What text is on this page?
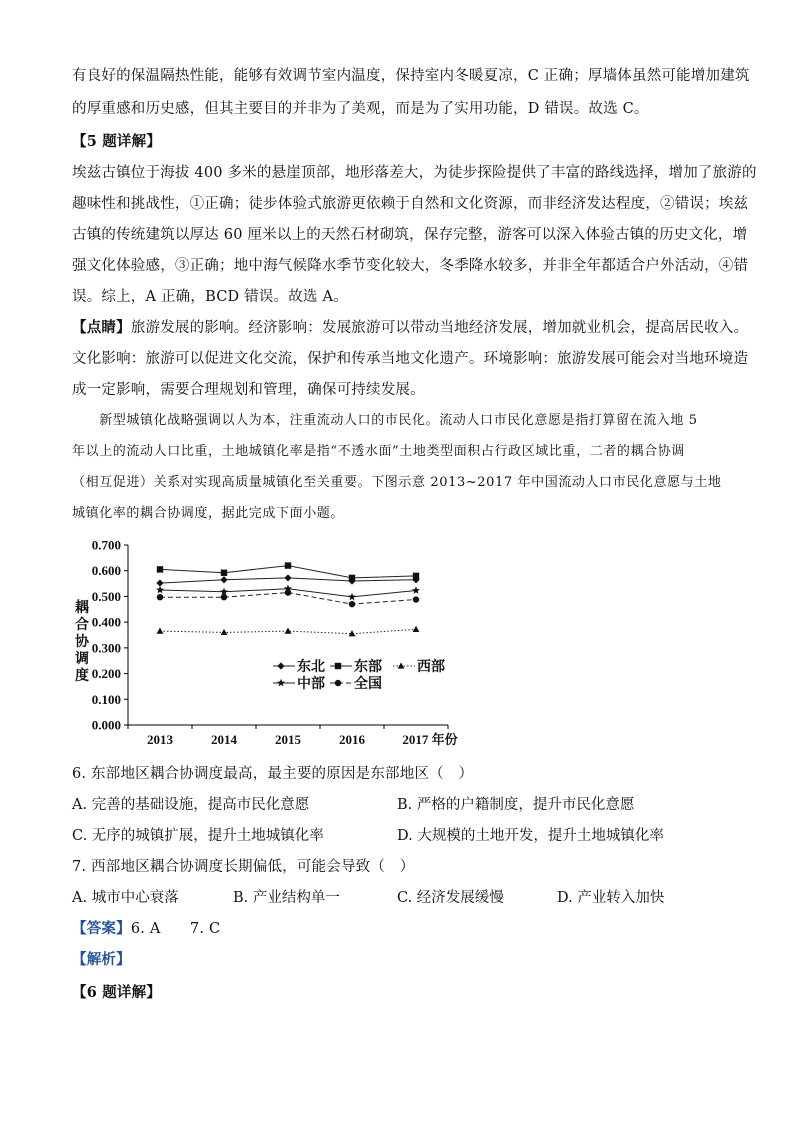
有良好的保温隔热性能，能够有效调节室内温度，保持室内冬暖夏凉，C 正确；厚墙体虽然可能增加建筑
的厚重感和历史感，但其主要目的并非为了美观，而是为了实用功能，D 错误。故选 C。
【5 题详解】
埃兹古镇位于海拔 400 多米的悬崖顶部，地形落差大，为徒步探险提供了丰富的路线选择，增加了旅游的
趣味性和挑战性，①正确；徒步体验式旅游更依赖于自然和文化资源，而非经济发达程度，②错误；埃兹
古镇的传统建筑以厚达 60 厘米以上的天然石材砌筑，保存完整，游客可以深入体验古镇的历史文化，增
强文化体验感，③正确；地中海气候降水季节变化较大，冬季降水较多，并非全年都适合户外活动，④错
误。综上，A 正确，BCD 错误。故选 A。
【点睛】旅游发展的影响。经济影响：发展旅游可以带动当地经济发展，增加就业机会，提高居民收入。
文化影响：旅游可以促进文化交流，保护和传承当地文化遗产。环境影响：旅游发展可能会对当地环境造
成一定影响，需要合理规划和管理，确保可持续发展。
　　新型城镇化战略强调以人为本，注重流动人口的市民化。流动人口市民化意愿是指打算留在流入地 5
年以上的流动人口比重，土地城镇化率是指“不透水面”土地类型面积占行政区域比重，二者的耦合协调
（相互促进）关系对实现高质量城镇化至关重要。下图示意 2013~2017 年中国流动人口市民化意愿与土地
城镇化率的耦合协调度，据此完成下面小题。
0.000
0.100
0.200
0.300
0.400
0.500
0.600
0.700
2013	2014	2015	2016	2017 年份
耦
合
协
调
度
东北 东部	西部
中部 全国
6. 东部地区耦合协调度最高，最主要的原因是东部地区（　）
A. 完善的基础设施，提高市民化意愿	B. 严格的户籍制度，提升市民化意愿
C. 无序的城镇扩展，提升土地城镇化率	D. 大规模的土地开发，提升土地城镇化率
7. 西部地区耦合协调度长期偏低，可能会导致（　）
A. 城市中心衰落	B. 产业结构单一	C. 经济发展缓慢	D. 产业转入加快
【答案】6. A　　7. C
【解析】
【6 题详解】
